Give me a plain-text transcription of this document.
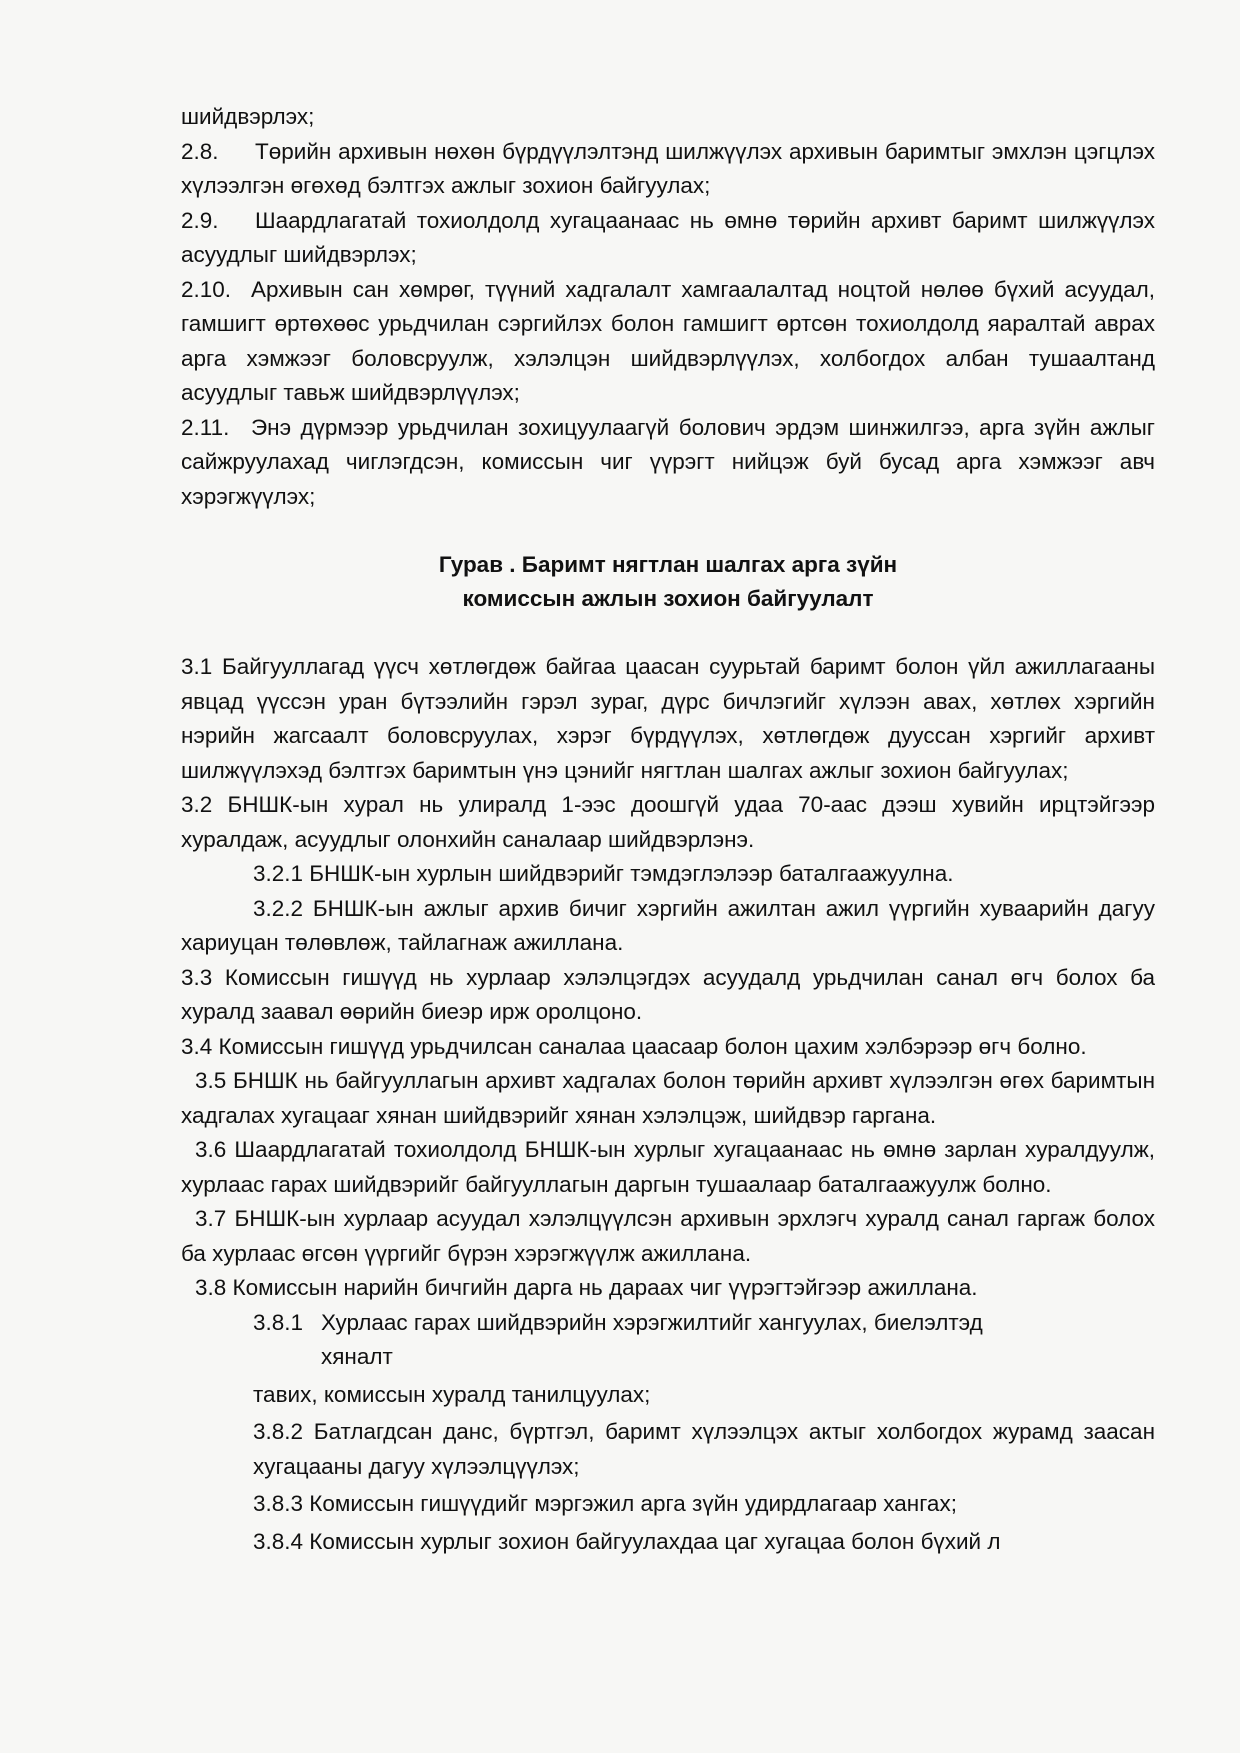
шийдвэрлэх;

2.8. Төрийн архивын нөхөн бүрдүүлэлтэнд шилжүүлэх архивын баримтыг эмхлэн цэгцлэх хүлээлгэн өгөхөд бэлтгэх ажлыг зохион байгуулах;

2.9. Шаардлагатай тохиолдолд хугацаанаас нь өмнө төрийн архивт баримт шилжүүлэх асуудлыг шийдвэрлэх;

2.10. Архивын сан хөмрөг, түүний хадгалалт хамгаалалтад ноцтой нөлөө бүхий асуудал, гамшигт өртөхөөс урьдчилан сэргийлэх болон гамшигт өртсөн тохиолдолд яаралтай аврах арга хэмжээг боловсруулж, хэлэлцэн шийдвэрлүүлэх, холбогдох албан тушаалтанд асуудлыг тавьж шийдвэрлүүлэх;

2.11. Энэ дүрмээр урьдчилан зохицуулаагүй болович эрдэм шинжилгээ, арга зүйн ажлыг сайжруулахад чиглэгдсэн, комиссын чиг үүрэгт нийцэж буй бусад арга хэмжээг авч хэрэгжүүлэх;

Гурав . Баримт нягтлан шалгах арга зүйн

комиссын ажлын зохион байгуулалт

3.1 Байгууллагад үүсч хөтлөгдөж байгаа цаасан суурьтай баримт болон үйл ажиллагааны явцад үүссэн уран бүтээлийн гэрэл зураг, дүрс бичлэгийг хүлээн авах, хөтлөх хэргийн нэрийн жагсаалт боловсруулах, хэрэг бүрдүүлэх, хөтлөгдөж дууссан хэргийг архивт шилжүүлэхэд бэлтгэх баримтын үнэ цэнийг нягтлан шалгах ажлыг зохион байгуулах;

3.2 БНШК-ын хурал нь улиралд 1-ээс доошгүй удаа 70-аас дээш хувийн ирцтэйгээр хуралдаж, асуудлыг олонхийн саналаар шийдвэрлэнэ.

3.2.1 БНШК-ын хурлын шийдвэрийг тэмдэглэлээр баталгаажуулна.

3.2.2 БНШК-ын ажлыг архив бичиг хэргийн ажилтан ажил үүргийн хуваарийн дагуу хариуцан төлөвлөж, тайлагнаж ажиллана.

3.3 Комиссын гишүүд нь хурлаар хэлэлцэгдэх асуудалд урьдчилан санал өгч болох ба хуралд заавал өөрийн биеэр ирж оролцоно.

3.4 Комиссын гишүүд урьдчилсан саналаа цаасаар болон цахим хэлбэрээр өгч болно.

3.5 БНШК нь байгууллагын архивт хадгалах болон төрийн архивт хүлээлгэн өгөх баримтын хадгалах хугацааг хянан шийдвэрийг хянан хэлэлцэж, шийдвэр гаргана.

3.6 Шаардлагатай тохиолдолд БНШК-ын хурлыг хугацаанаас нь өмнө зарлан хуралдуулж, хурлаас гарах шийдвэрийг байгууллагын даргын тушаалаар баталгаажуулж болно.

3.7 БНШК-ын хурлаар асуудал хэлэлцүүлсэн архивын эрхлэгч хуралд санал гаргаж болох ба хурлаас өгсөн үүргийг бүрэн хэрэгжүүлж ажиллана.

3.8 Комиссын нарийн бичгийн дарга нь дараах чиг үүрэгтэйгээр ажиллана.

3.8.1 Хурлаас гарах шийдвэрийн хэрэгжилтийг хангуулах, биелэлтэд

хяналт

тавих, комиссын хуралд танилцуулах;

3.8.2 Батлагдсан данс, бүртгэл, баримт хүлээлцэх актыг холбогдох журамд заасан хугацааны дагуу хүлээлцүүлэх;

3.8.3 Комиссын гишүүдийг мэргэжил арга зүйн удирдлагаар хангах;

3.8.4 Комиссын хурлыг зохион байгуулахдаа цаг хугацаа болон бүхий л
